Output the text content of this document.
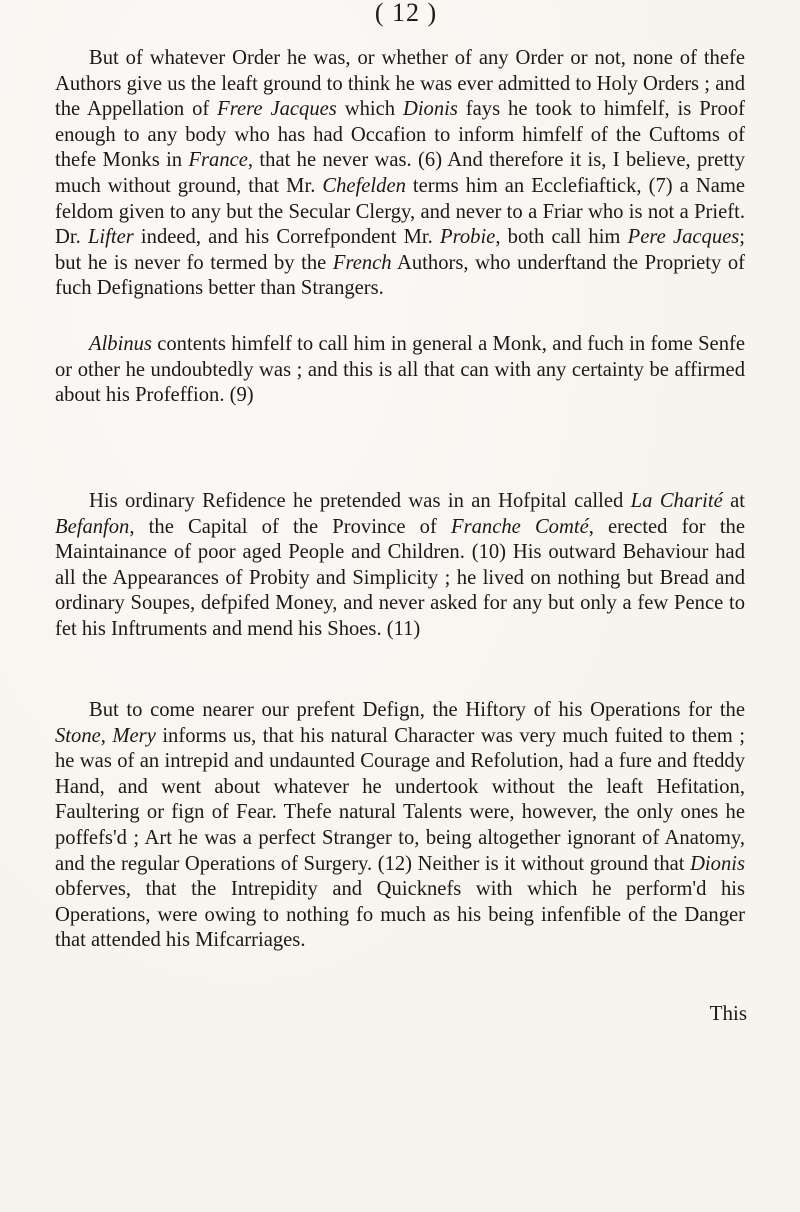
( 12 )

But of whatever Order he was, or whether of any Order or not, none of thefe Authors give us the leaft ground to think he was ever admitted to Holy Orders ; and the Appellation of Frere Jacques which Dionis fays he took to himfelf, is Proof enough to any body who has had Occafion to inform himfelf of the Cuftoms of thefe Monks in France, that he never was. (6) And therefore it is, I believe, pretty much without ground, that Mr. Chefelden terms him an Ecclefiaftick, (7) a Name feldom given to any but the Secular Clergy, and never to a Friar who is not a Prieft. Dr. Lifter indeed, and his Correfpondent Mr. Probie, both call him Pere Jacques; but he is never fo termed by the French Authors, who underftand the Propriety of fuch Defignations better than Strangers.

Albinus contents himfelf to call him in general a Monk, and fuch in fome Senfe or other he undoubtedly was ; and this is all that can with any certainty be affirmed about his Profeffion. (9)

His ordinary Refidence he pretended was in an Hofpital called La Charité at Befanfon, the Capital of the Province of Franche Comté, erected for the Maintainance of poor aged People and Children. (10) His outward Behaviour had all the Appearances of Probity and Simplicity ; he lived on nothing but Bread and ordinary Soupes, defpifed Money, and never asked for any but only a few Pence to fet his Inftruments and mend his Shoes. (11)

But to come nearer our prefent Defign, the Hiftory of his Operations for the Stone, Mery informs us, that his natural Character was very much fuited to them ; he was of an intrepid and undaunted Courage and Refolution, had a fure and fteddy Hand, and went about whatever he undertook without the leaft Hefitation, Faultering or fign of Fear. Thefe natural Talents were, however, the only ones he poffefs'd ; Art he was a perfect Stranger to, being altogether ignorant of Anatomy, and the regular Operations of Surgery. (12) Neither is it without ground that Dionis obferves, that the Intrepidity and Quicknefs with which he perform'd his Operations, were owing to nothing fo much as his being infenfible of the Danger that attended his Mifcarriages.

This
